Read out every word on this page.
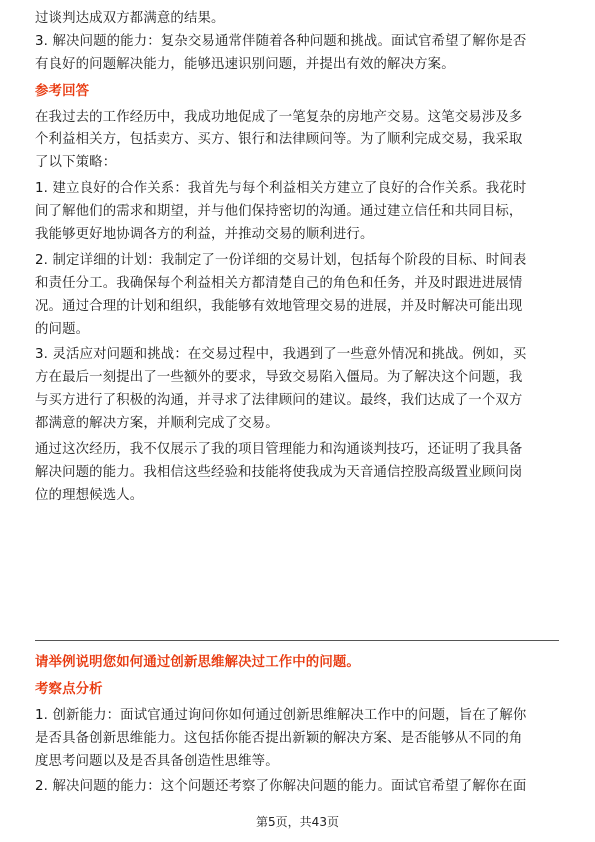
过谈判达成双方都满意的结果。
3. 解决问题的能力：复杂交易通常伴随着各种问题和挑战。面试官希望了解你是否
有良好的问题解决能力，能够迅速识别问题，并提出有效的解决方案。
参考回答
在我过去的工作经历中，我成功地促成了一笔复杂的房地产交易。这笔交易涉及多
个利益相关方，包括卖方、买方、银行和法律顾问等。为了顺利完成交易，我采取
了以下策略：
1. 建立良好的合作关系：我首先与每个利益相关方建立了良好的合作关系。我花时
间了解他们的需求和期望，并与他们保持密切的沟通。通过建立信任和共同目标，
我能够更好地协调各方的利益，并推动交易的顺利进行。
2. 制定详细的计划：我制定了一份详细的交易计划，包括每个阶段的目标、时间表
和责任分工。我确保每个利益相关方都清楚自己的角色和任务，并及时跟进进展情
况。通过合理的计划和组织，我能够有效地管理交易的进展，并及时解决可能出现
的问题。
3. 灵活应对问题和挑战：在交易过程中，我遇到了一些意外情况和挑战。例如，买
方在最后一刻提出了一些额外的要求，导致交易陷入僵局。为了解决这个问题，我
与买方进行了积极的沟通，并寻求了法律顾问的建议。最终，我们达成了一个双方
都满意的解决方案，并顺利完成了交易。
通过这次经历，我不仅展示了我的项目管理能力和沟通谈判技巧，还证明了我具备
解决问题的能力。我相信这些经验和技能将使我成为天音通信控股高级置业顾问岗
位的理想候选人。
请举例说明您如何通过创新思维解决过工作中的问题。
考察点分析
1. 创新能力：面试官通过询问你如何通过创新思维解决工作中的问题，旨在了解你
是否具备创新思维能力。这包括你能否提出新颖的解决方案、是否能够从不同的角
度思考问题以及是否具备创造性思维等。
2. 解决问题的能力：这个问题还考察了你解决问题的能力。面试官希望了解你在面
第5页，共43页
